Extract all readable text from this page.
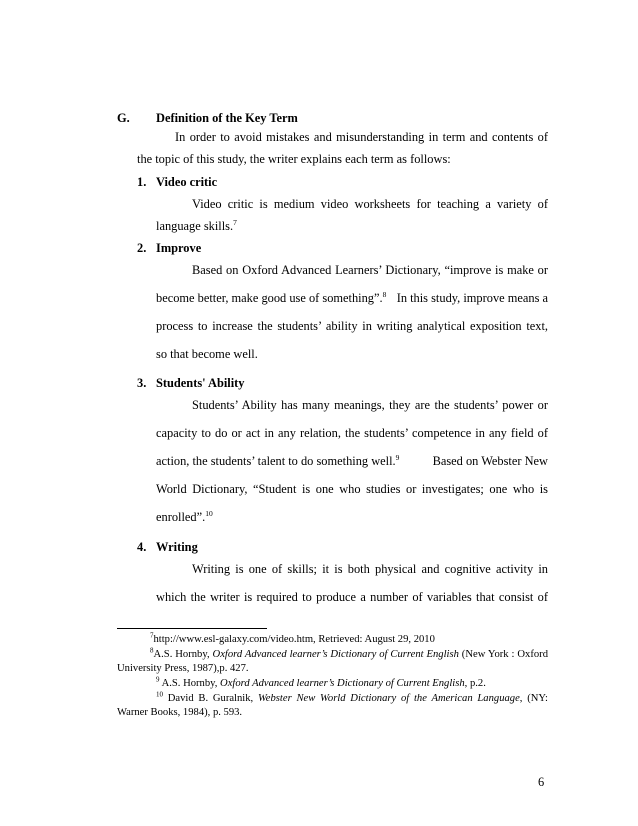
G. Definition of the Key Term
In order to avoid mistakes and misunderstanding in term and contents of
the topic of this study, the writer explains each term as follows:
1. Video critic
Video critic is medium video worksheets for teaching a variety of
language skills.$^7$
2. Improve
Based on Oxford Advanced Learners’ Dictionary, “improve is make or
become better, make good use of something”.$^8$ In this study, improve means a
process to increase the students’ ability in writing analytical exposition text,
so that become well.
3. Students' Ability
Students’ Ability has many meanings, they are the students’ power or
capacity to do or act in any relation, the students’ competence in any field of
action, the students’ talent to do something well.$^9$	Based on Webster New
World Dictionary, “Student is one who studies or investigates; one who is
enrolled”.$^{10}$
4. Writing
Writing is one of skills; it is both physical and cognitive activity in
which the writer is required to produce a number of variables that consist of
$^7$http://www.esl-galaxy.com/video.htm, Retrieved: August 29, 2010
$^8$A.S. Hornby, Oxford Advanced learner’s Dictionary of Current English (New York : Oxford
University Press, 1987),p. 427.
$^9$ A.S. Hornby, Oxford Advanced learner’s Dictionary of Current English, p.2.
$^{10}$ David B. Guralnik, Webster New World Dictionary of the American Language, (NY:
Warner Books, 1984), p. 593.
6
